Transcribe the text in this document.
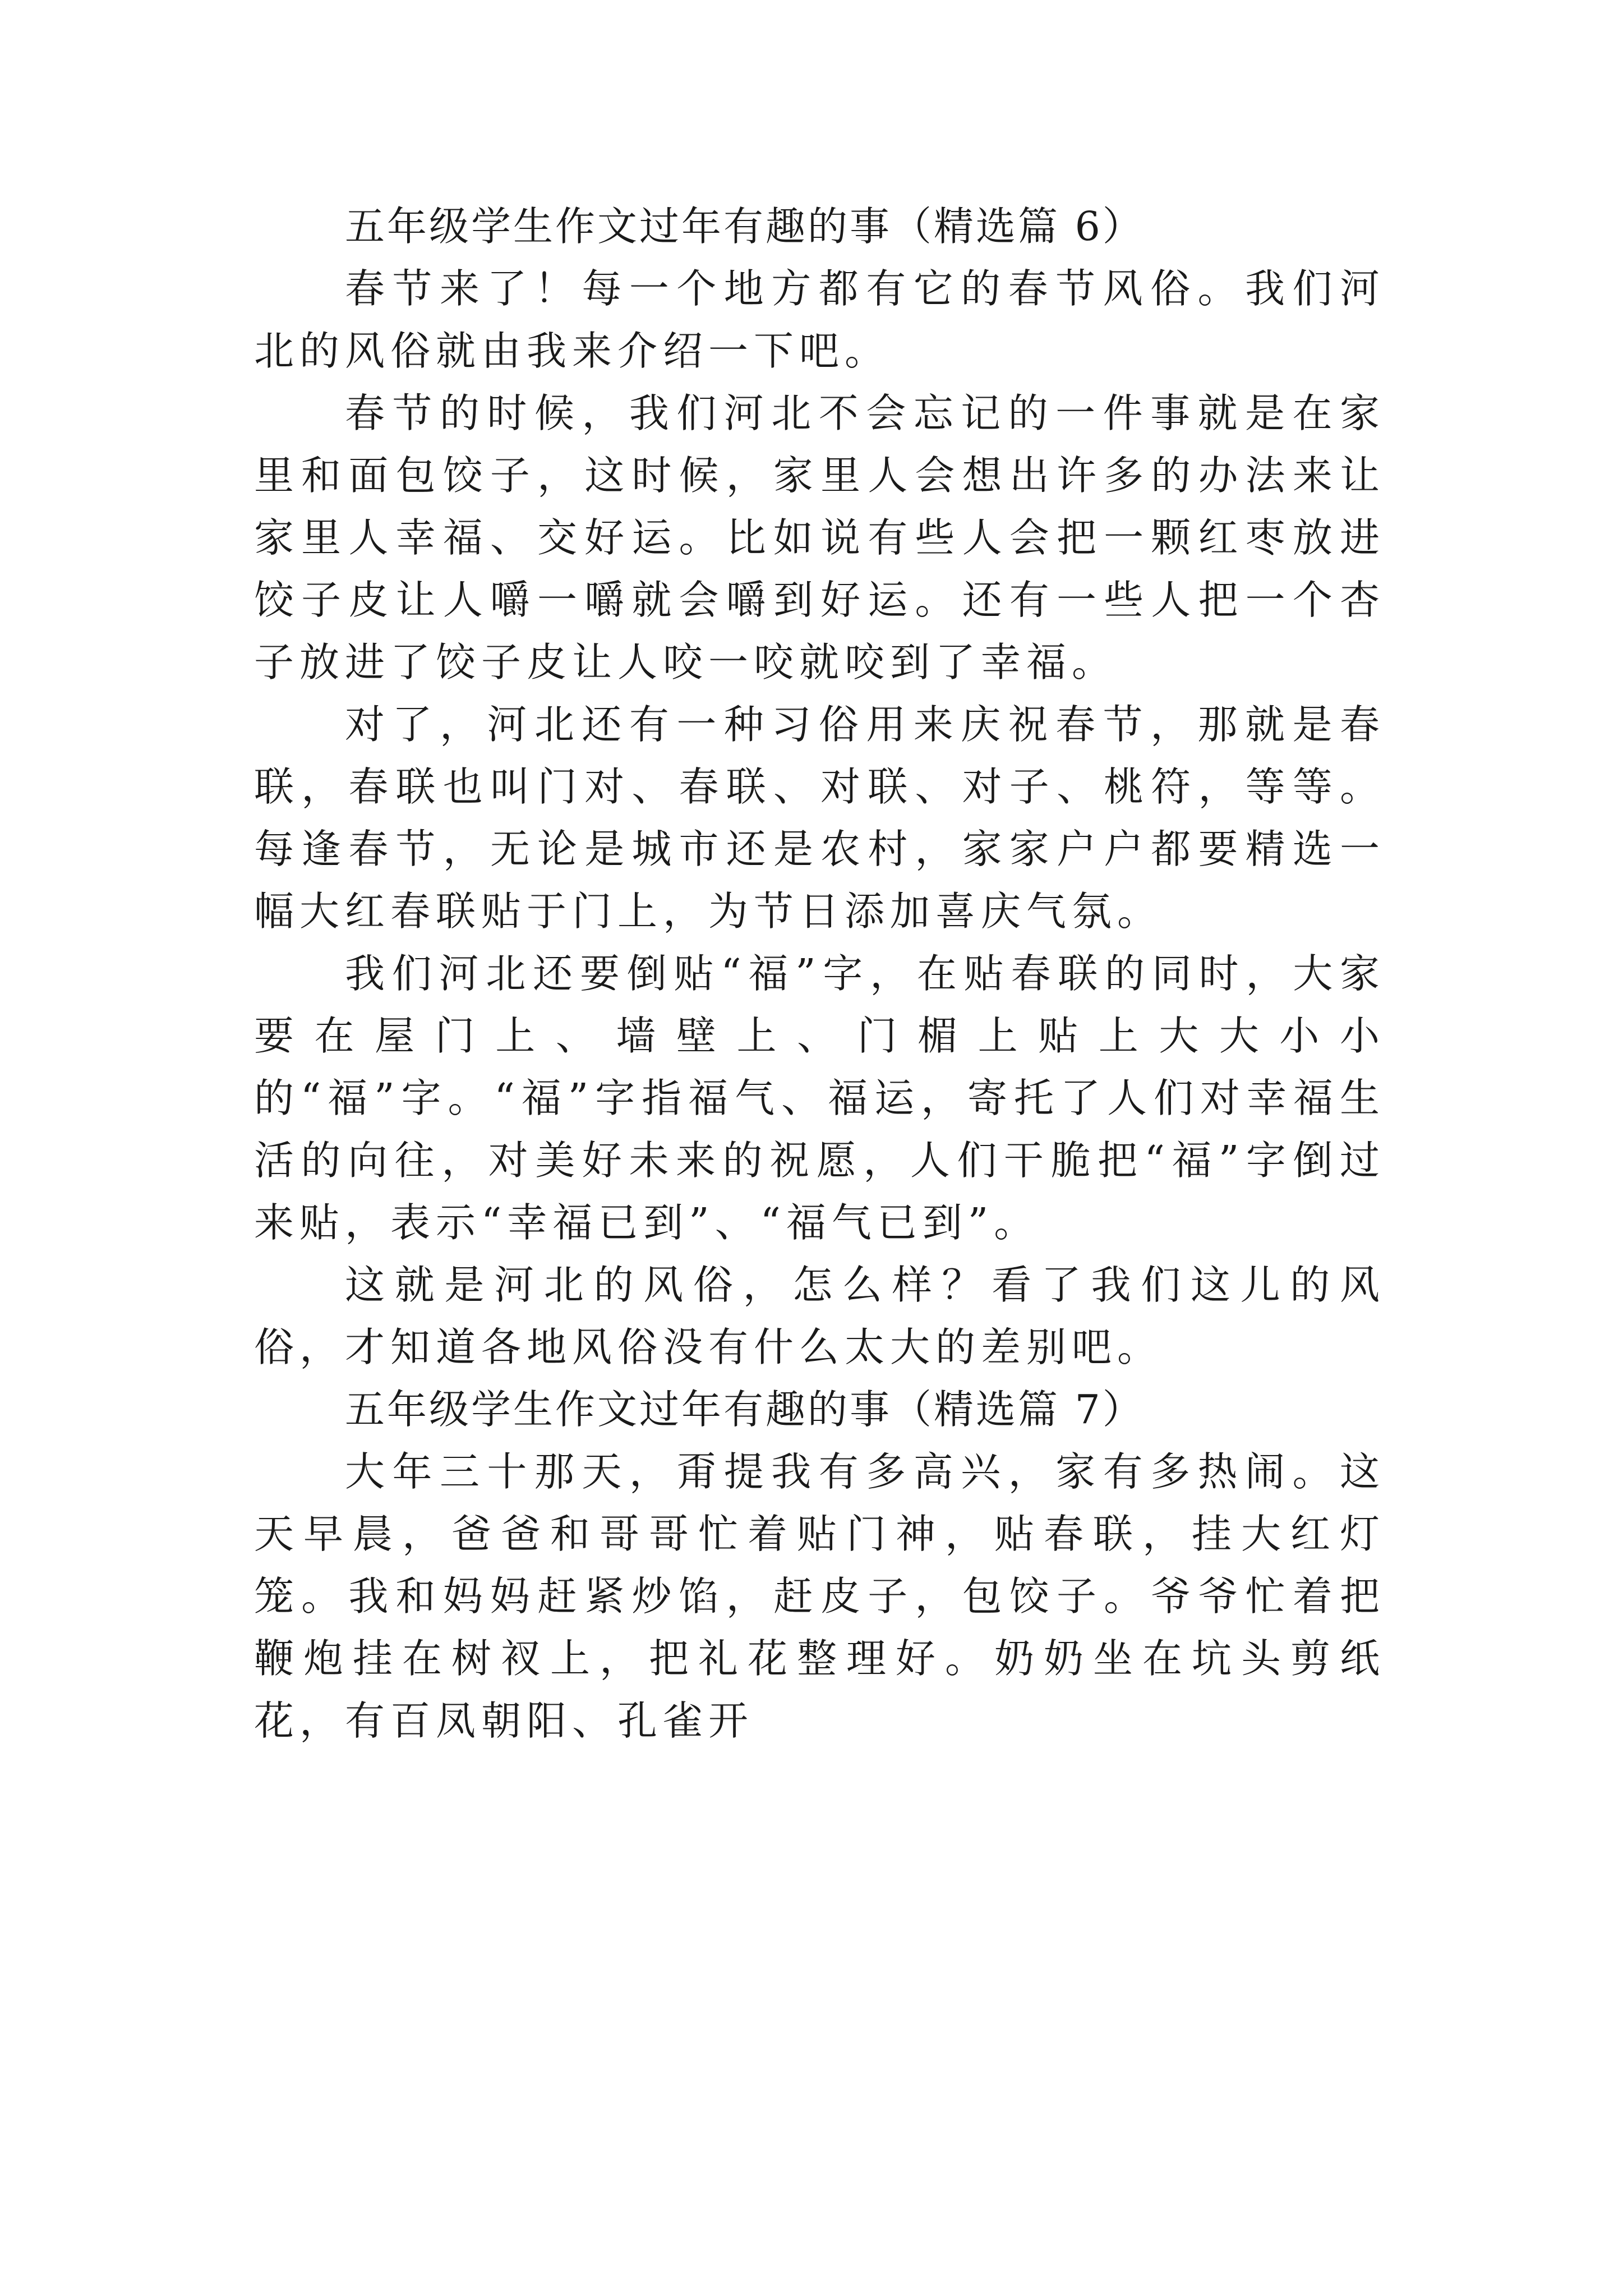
五年级学生作文过年有趣的事（精选篇 6）

春节来了！每一个地方都有它的春节风俗。我们河北的风俗就由我来介绍一下吧。

春节的时候，我们河北不会忘记的一件事就是在家里和面包饺子，这时候，家里人会想出许多的办法来让家里人幸福、交好运。比如说有些人会把一颗红枣放进饺子皮让人嚼一嚼就会嚼到好运。还有一些人把一个杏子放进了饺子皮让人咬一咬就咬到了幸福。

对了，河北还有一种习俗用来庆祝春节，那就是春联，春联也叫门对、春联、对联、对子、桃符，等等。每逢春节，无论是城市还是农村，家家户户都要精选一幅大红春联贴于门上，为节日添加喜庆气氛。

我们河北还要倒贴“福”字，在贴春联的同时，大家要在屋门上、墙壁上、门楣上贴上大大小小的“福”字。“福”字指福气、福运，寄托了人们对幸福生活的向往，对美好未来的祝愿，人们干脆把“福”字倒过来贴，表示“幸福已到”、“福气已到”。

这就是河北的风俗，怎么样？看了我们这儿的风俗，才知道各地风俗没有什么太大的差别吧。

五年级学生作文过年有趣的事（精选篇 7）

大年三十那天，甭提我有多高兴，家有多热闹。这天早晨，爸爸和哥哥忙着贴门神，贴春联，挂大红灯笼。我和妈妈赶紧炒馅，赶皮子，包饺子。爷爷忙着把鞭炮挂在树衩上，把礼花整理好。奶奶坐在坑头剪纸花，有百凤朝阳、孔雀开
